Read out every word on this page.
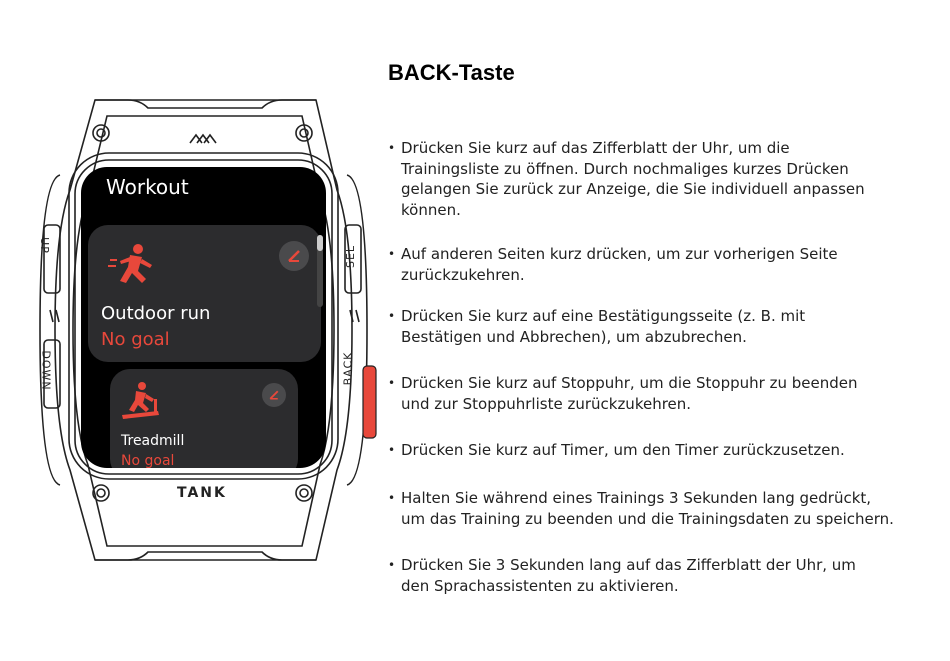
UP
DOWN
SEL
BACK
TANK
Workout
Outdoor run
No goal
Treadmill
No goal
BACK-Taste
• Drücken Sie kurz auf das Zifferblatt der Uhr, um die
Trainingsliste zu öffnen. Durch nochmaliges kurzes Drücken
gelangen Sie zurück zur Anzeige, die Sie individuell anpassen
können.
• Auf anderen Seiten kurz drücken, um zur vorherigen Seite
zurückzukehren.
• Drücken Sie kurz auf eine Bestätigungsseite (z. B. mit
Bestätigen und Abbrechen), um abzubrechen.
• Drücken Sie kurz auf Stoppuhr, um die Stoppuhr zu beenden
und zur Stoppuhrliste zurückzukehren.
• Drücken Sie kurz auf Timer, um den Timer zurückzusetzen.
• Halten Sie während eines Trainings 3 Sekunden lang gedrückt,
um das Training zu beenden und die Trainingsdaten zu speichern.
• Drücken Sie 3 Sekunden lang auf das Zifferblatt der Uhr, um
den Sprachassistenten zu aktivieren.
